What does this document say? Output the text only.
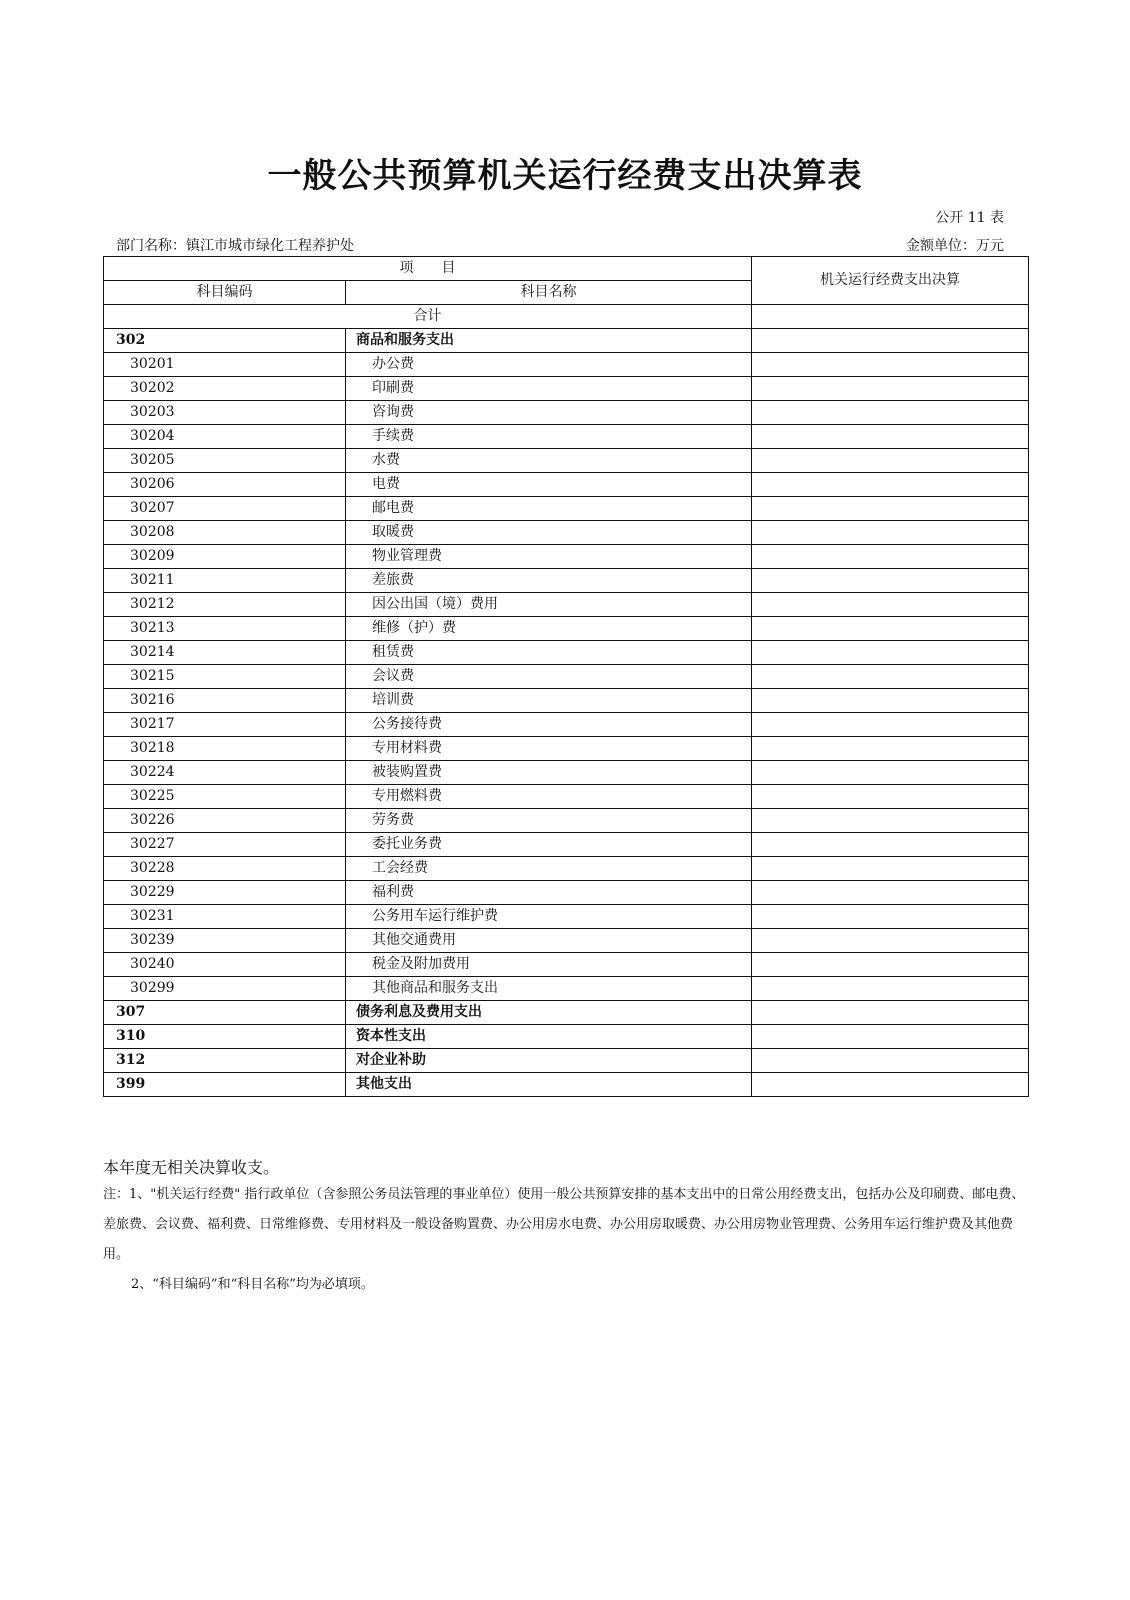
一般公共预算机关运行经费支出决算表
公开 11 表
部门名称：镇江市城市绿化工程养护处	金额单位：万元
项　　目		机关运行经费支出决算
科目编码	科目名称	
合计		
302	商品和服务支出	
30201	办公费	
30202	印刷费	
30203	咨询费	
30204	手续费	
30205	水费	
30206	电费	
30207	邮电费	
30208	取暖费	
30209	物业管理费	
30211	差旅费	
30212	因公出国（境）费用	
30213	维修（护）费	
30214	租赁费	
30215	会议费	
30216	培训费	
30217	公务接待费	
30218	专用材料费	
30224	被装购置费	
30225	专用燃料费	
30226	劳务费	
30227	委托业务费	
30228	工会经费	
30229	福利费	
30231	公务用车运行维护费	
30239	其他交通费用	
30240	税金及附加费用	
30299	其他商品和服务支出	
307	债务利息及费用支出	
310	资本性支出	
312	对企业补助	
399	其他支出	
本年度无相关决算收支。
注：1、"机关运行经费" 指行政单位（含参照公务员法管理的事业单位）使用一般公共预算安排的基本支出中的日常公用经费支出，包括办公及印刷费、邮电费、差旅费、会议费、福利费、日常维修费、专用材料及一般设备购置费、办公用房水电费、办公用房取暖费、办公用房物业管理费、公务用车运行维护费及其他费用。
2、“科目编码”和“科目名称”均为必填项。
